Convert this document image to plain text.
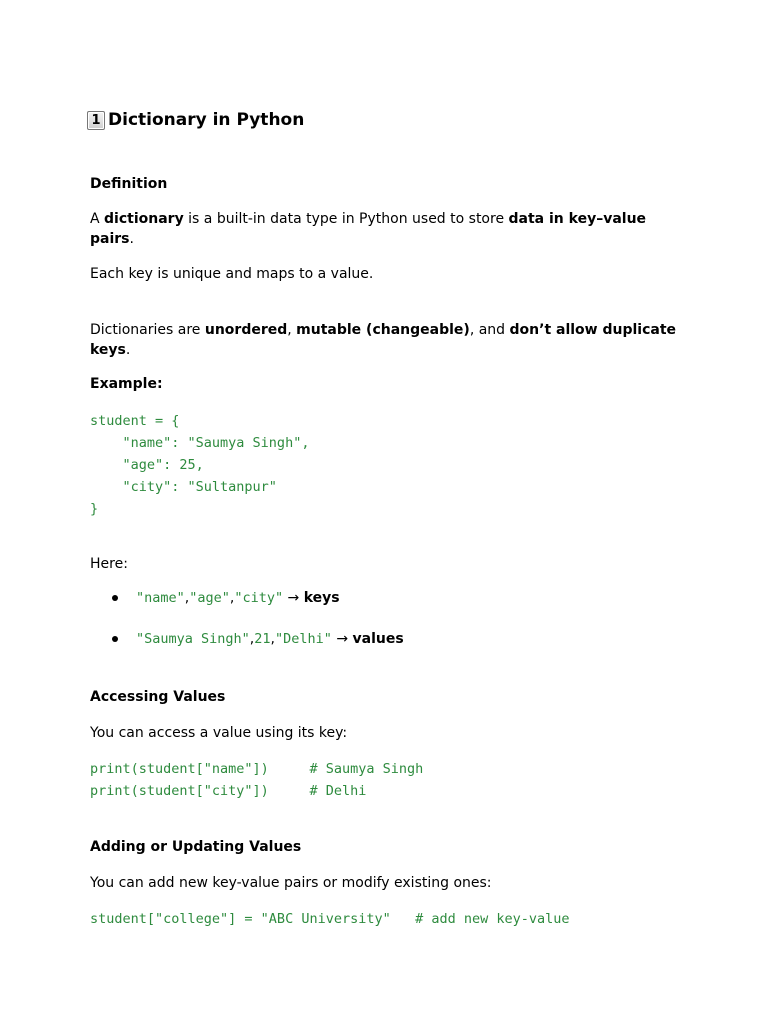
1 Dictionary in Python
Definition
A dictionary is a built-in data type in Python used to store data in key–value pairs.
Each key is unique and maps to a value.
Dictionaries are unordered, mutable (changeable), and don’t allow duplicate keys.
Example:
student = {
"name": "Saumya Singh",
"age": 25,
"city": "Sultanpur"
}
Here:
"name" , "age" , "city" → keys
"Saumya Singh" , 21 , "Delhi" → values
Accessing Values
You can access a value using its key:
print(student["name"])     # Saumya Singh
print(student["city"])     # Delhi
Adding or Updating Values
You can add new key-value pairs or modify existing ones:
student["college"] = "ABC University"   # add new key-value
